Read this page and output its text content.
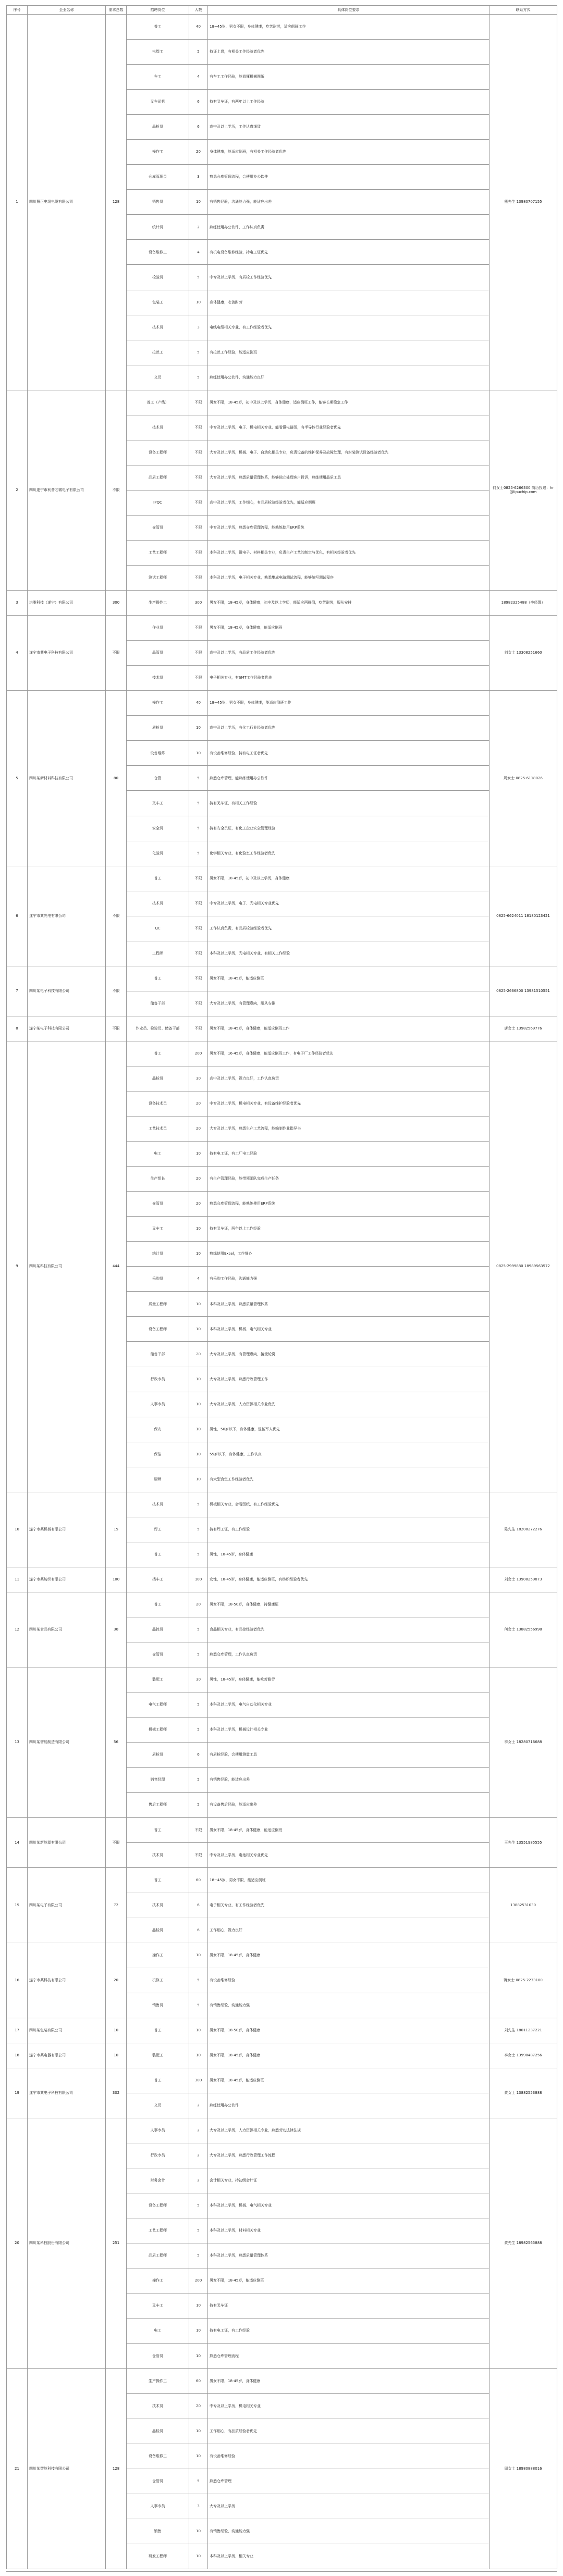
序号	企业名称	需求总数	招聘岗位	人数	具体岗位要求	联系方式
1	四川慧正电线电缆有限公司	128	普工	40	18~45岁，男女不限，身体健康，吃苦耐劳，适应倒班工作	熊先生 13980707155
			电焊工	5	持证上岗，有相关工作经验者优先	
			车工	4	有车工工作经验，能看懂机械图纸	
			叉车司机	6	持有叉车证，有两年以上工作经验	
			品检员	6	高中及以上学历，工作认真细致	
			操作工	20	身体健康，能适应倒班，有相关工作经验者优先	
			仓库管理员	3	熟悉仓库管理流程，会使用办公软件	
			销售员	10	有销售经验，沟通能力强，能适应出差	
			统计员	2	熟练使用办公软件，工作认真负责	
			设备维修工	4	有机电设备维修经验，持电工证优先	
			检验员	5	中专及以上学历，有质检工作经验优先	
			包装工	10	身体健康，吃苦耐劳	
			技术员	3	电线电缆相关专业，有工作经验者优先	
			拉丝工	5	有拉丝工作经验，能适应倒班	
			文员	5	熟练使用办公软件，沟通能力良好	
2	四川遂宁市利普芯微电子有限公司	不限	普工（产线）	不限	男女不限，18-45岁，初中及以上学历，身体健康，适应倒班工作，能够长期稳定工作	何女士0825-6266300 简历投递：hr@lipuchip.com
			技术员	不限	中专及以上学历，电子、机电相关专业，能看懂电路图，有半导体行业经验者优先	
			设备工程师	不限	大专及以上学历，机械、电子、自动化相关专业，负责设备的维护保养及故障处理，有封装测试设备经验者优先	
			品质工程师	不限	大专及以上学历，熟悉质量管理体系，能够独立处理客户投诉，熟练使用品质工具	
			IPQC	不限	高中及以上学历，工作细心，有品质检验经验者优先，能适应倒班	
			仓管员	不限	中专及以上学历，熟悉仓库管理流程，能熟练使用ERP系统	
			工艺工程师	不限	本科及以上学历，微电子、材料相关专业，负责生产工艺的制定与优化，有相关经验者优先	
			测试工程师	不限	本科及以上学历，电子相关专业，熟悉集成电路测试流程，能够编写测试程序	
3	洪雅科技（遂宁）有限公司	300	生产操作工	300	男女不限，18-45岁，身体健康，初中及以上学历，能适应两班倒，吃苦耐劳，服从安排	18982325488（李经理）
4	遂宁市某电子科技有限公司	不限	作业员	不限	男女不限，18-45岁，身体健康，能适应倒班	刘女士 13308251660
			品管员	不限	高中及以上学历，有品质工作经验者优先	
			技术员	不限	电子相关专业，有SMT工作经验者优先	
5	四川某新材料科技有限公司	80	操作工	40	18~45岁，男女不限，身体健康，能适应倒班工作	周女士 0825-6118026
			质检员	10	高中及以上学历，有化工行业经验者优先	
			设备维修	10	有设备维修经验，持有电工证者优先	
			仓管	5	熟悉仓库管理，能熟练使用办公软件	
			叉车工	5	持有叉车证，有相关工作经验	
			安全员	5	持有安全员证，有化工企业安全管理经验	
			化验员	5	化学相关专业，有化验室工作经验者优先	
6	遂宁市某光电有限公司	不限	普工	不限	男女不限，18-45岁，初中及以上学历，身体健康	0825-6624011 18180123421
			技术员	不限	中专及以上学历，电子、光电相关专业优先	
			QC	不限	工作认真负责，有品质检验经验者优先	
			工程师	不限	本科及以上学历，光电相关专业，有相关工作经验	
7	四川某电子科技有限公司	不限	普工	不限	男女不限，18-45岁，能适应倒班	0825-2666800 13981510551
			储备干部	不限	大专及以上学历，有管理意向，服从安排	
8	遂宁某电子科技有限公司	不限	作业员、检验员、储备干部	不限	男女不限，18-45岁，身体健康，能适应倒班工作	唐女士 13982569776
9	四川某科技有限公司	444	普工	200	男女不限，16-45岁，身体健康，能适应倒班工作，有电子厂工作经验者优先	0825-2999880 18989563572
			品检员	30	高中及以上学历，视力良好，工作认真负责	
			设备技术员	20	中专及以上学历，机电相关专业，有设备维护经验者优先	
			工艺技术员	20	大专及以上学历，熟悉生产工艺流程，能编制作业指导书	
			电工	10	持有电工证，有工厂电工经验	
			生产组长	20	有生产管理经验，能带领团队完成生产任务	
			仓管员	20	熟悉仓库管理流程，能熟练使用ERP系统	
			叉车工	10	持有叉车证，两年以上工作经验	
			统计员	10	熟练使用Excel，工作细心	
			采购员	4	有采购工作经验，沟通能力强	
			质量工程师	10	本科及以上学历，熟悉质量管理体系	
			设备工程师	10	本科及以上学历，机械、电气相关专业	
			储备干部	20	大专及以上学历，有管理意向，接受轮岗	
			行政专员	10	大专及以上学历，熟悉行政管理工作	
			人事专员	10	大专及以上学历，人力资源相关专业优先	
			保安	10	男性，50岁以下，身体健康，退伍军人优先	
			保洁	10	55岁以下，身体健康，工作认真	
			厨师	10	有大型食堂工作经验者优先	
10	遂宁市某机械有限公司	15	技术员	5	机械相关专业，会看图纸，有工作经验优先	陈先生 18208272276
			焊工	5	持有焊工证，有工作经验	
			普工	5	男性，18-45岁，身体健康	
11	遂宁市某纺织有限公司	100	挡车工	100	女性，18-45岁，身体健康，能适应倒班，有纺织经验者优先	刘女士 13908259873
12	四川某食品有限公司	30	普工	20	男女不限，18-50岁，身体健康，持健康证	何女士 13882556998
			品控员	5	食品相关专业，有品控经验者优先	
			仓管员	5	熟悉仓库管理，工作认真负责	
13	四川某智能制造有限公司	56	装配工	30	男性，18-45岁，身体健康，能吃苦耐劳	李女士 18280716688
			电气工程师	5	本科及以上学历，电气自动化相关专业	
			机械工程师	5	本科及以上学历，机械设计相关专业	
			质检员	6	有质检经验，会使用测量工具	
			销售经理	5	有销售经验，能适应出差	
			售后工程师	5	有设备售后经验，能适应出差	
14	四川某新能源有限公司	不限	普工	不限	男女不限，18-45岁，身体健康，能适应倒班	王先生 13551985555
			技术员	不限	中专及以上学历，电池相关专业优先	
15	四川某电子有限公司	72	普工	60	18~45岁，男女不限，能适应倒班	13882531030
			技术员	6	电子相关专业，有工作经验者优先	
			品检员	6	工作细心，视力良好	
16	遂宁市某科技有限公司	20	操作工	10	男女不限，18-45岁，身体健康	蒋女士 0825-2233100
			机修工	5	有设备维修经验	
			销售员	5	有销售经验，沟通能力强	
17	四川某包装有限公司	10	普工	10	男女不限，18-50岁，身体健康	刘先生 18011237221
18	遂宁市某电器有限公司	10	装配工	10	男女不限，18-45岁，身体健康	李女士 13990487256
19	遂宁市某电子科技有限公司	302	普工	300	男女不限，18-45岁，能适应倒班	黄女士 13882553888
			文员	2	熟练使用办公软件	
20	四川某科技股份有限公司	251	人事专员	2	大专及以上学历，人力资源相关专业，熟悉劳动法律法规	黄先生 18982565888
			行政专员	2	大专及以上学历，熟悉行政管理工作流程	
			财务会计	2	会计相关专业，持初级会计证	
			设备工程师	5	本科及以上学历，机械、电气相关专业	
			工艺工程师	5	本科及以上学历，材料相关专业	
			品质工程师	5	本科及以上学历，熟悉质量管理体系	
			操作工	200	男女不限，18-45岁，能适应倒班	
			叉车工	10	持有叉车证	
			电工	10	持有电工证，有工作经验	
			仓管员	10	熟悉仓库管理流程	
21	四川某智能科技有限公司	128	生产操作工	60	男女不限，18-45岁，身体健康	周女士 18980888016
			技术员	20	中专及以上学历，机电相关专业	
			品检员	10	工作细心，有品质经验者优先	
			设备维修工	10	有设备维修经验	
			仓管员	5	熟悉仓库管理	
			人事专员	3	大专及以上学历	
			销售	10	有销售经验，沟通能力强	
			研发工程师	10	本科及以上学历，相关专业	
